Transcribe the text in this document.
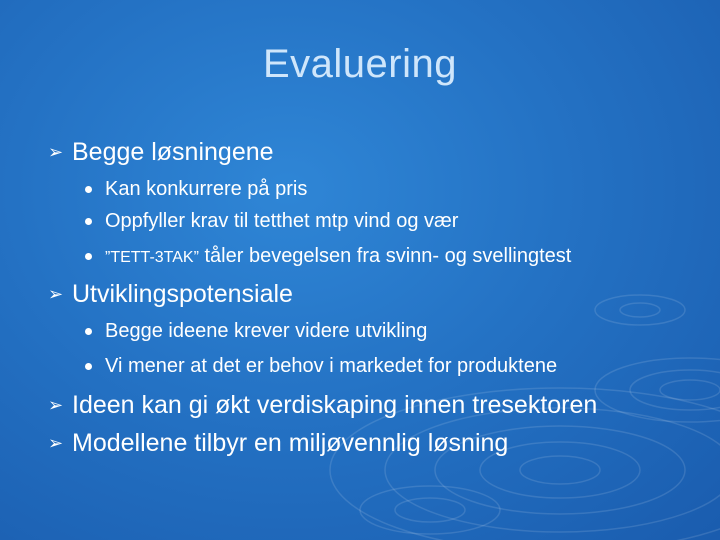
Evaluering
➢ Begge løsningene
Kan konkurrere på pris
Oppfyller krav til tetthet mtp vind og vær
”TETT-3TAK” tåler bevegelsen fra svinn- og svellingtest
➢ Utviklingspotensiale
Begge ideene krever videre utvikling
Vi mener at det er behov i markedet for produktene
➢ Ideen kan gi økt verdiskaping innen tresektoren
➢ Modellene tilbyr en miljøvennlig løsning
